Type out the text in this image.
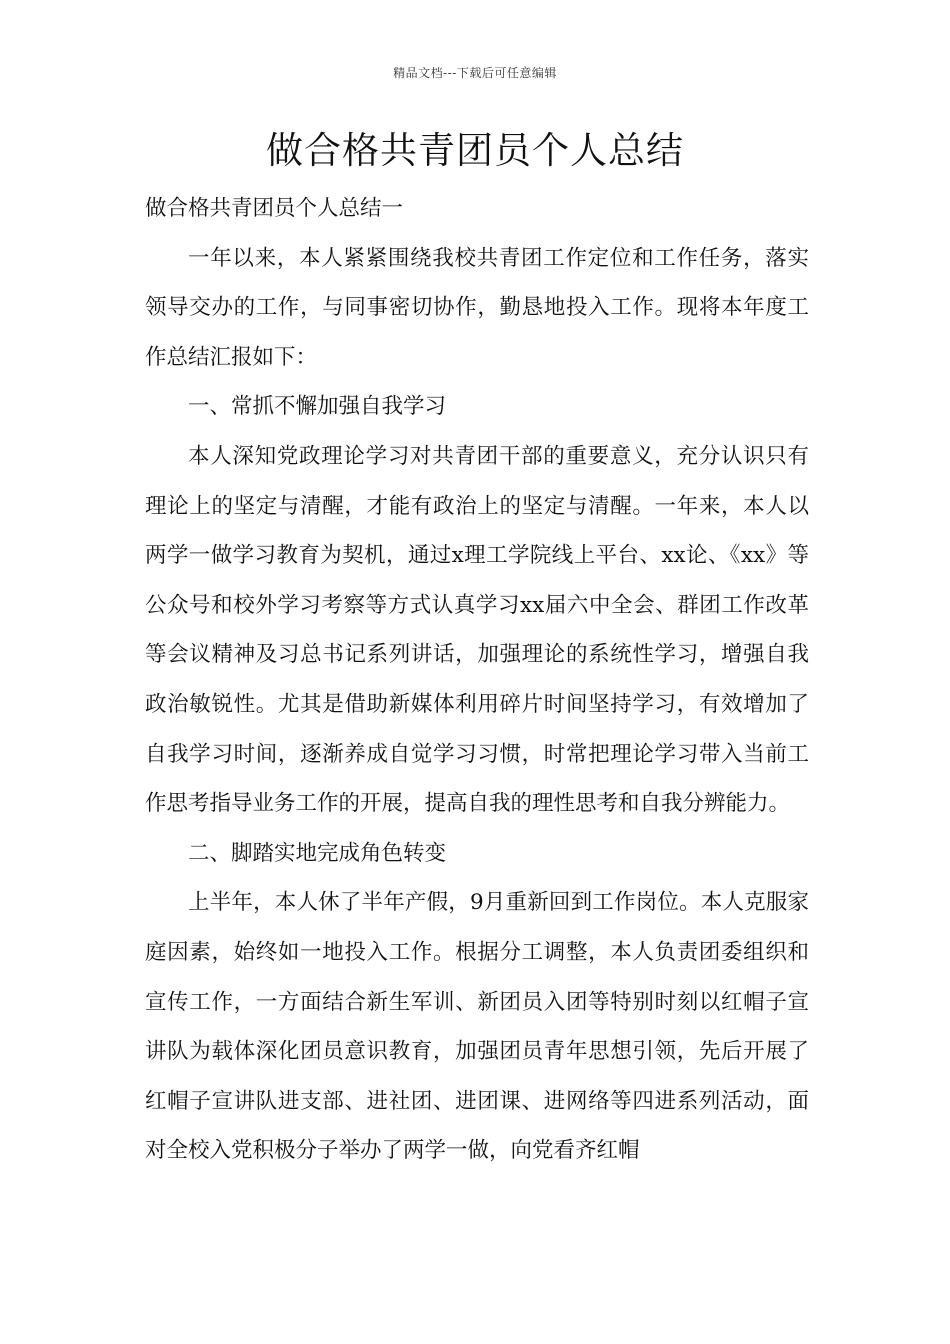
精品文档---下载后可任意编辑
做合格共青团员个人总结

做合格共青团员个人总结一

一年以来，本人紧紧围绕我校共青团工作定位和工作任务，落实领导交办的工作，与同事密切协作，勤恳地投入工作。现将本年度工作总结汇报如下：

一、常抓不懈加强自我学习

本人深知党政理论学习对共青团干部的重要意义，充分认识只有理论上的坚定与清醒，才能有政治上的坚定与清醒。一年来，本人以两学一做学习教育为契机，通过x理工学院线上平台、xx论、《xx》等公众号和校外学习考察等方式认真学习xx届六中全会、群团工作改革等会议精神及习总书记系列讲话，加强理论的系统性学习，增强自我政治敏锐性。尤其是借助新媒体利用碎片时间坚持学习，有效增加了自我学习时间，逐渐养成自觉学习习惯，时常把理论学习带入当前工作思考指导业务工作的开展，提高自我的理性思考和自我分辨能力。

二、脚踏实地完成角色转变

上半年，本人休了半年产假，9月重新回到工作岗位。本人克服家庭因素，始终如一地投入工作。根据分工调整，本人负责团委组织和宣传工作，一方面结合新生军训、新团员入团等特别时刻以红帽子宣讲队为载体深化团员意识教育，加强团员青年思想引领，先后开展了红帽子宣讲队进支部、进社团、进团课、进网络等四进系列活动，面对全校入党积极分子举办了两学一做，向党看齐红帽
